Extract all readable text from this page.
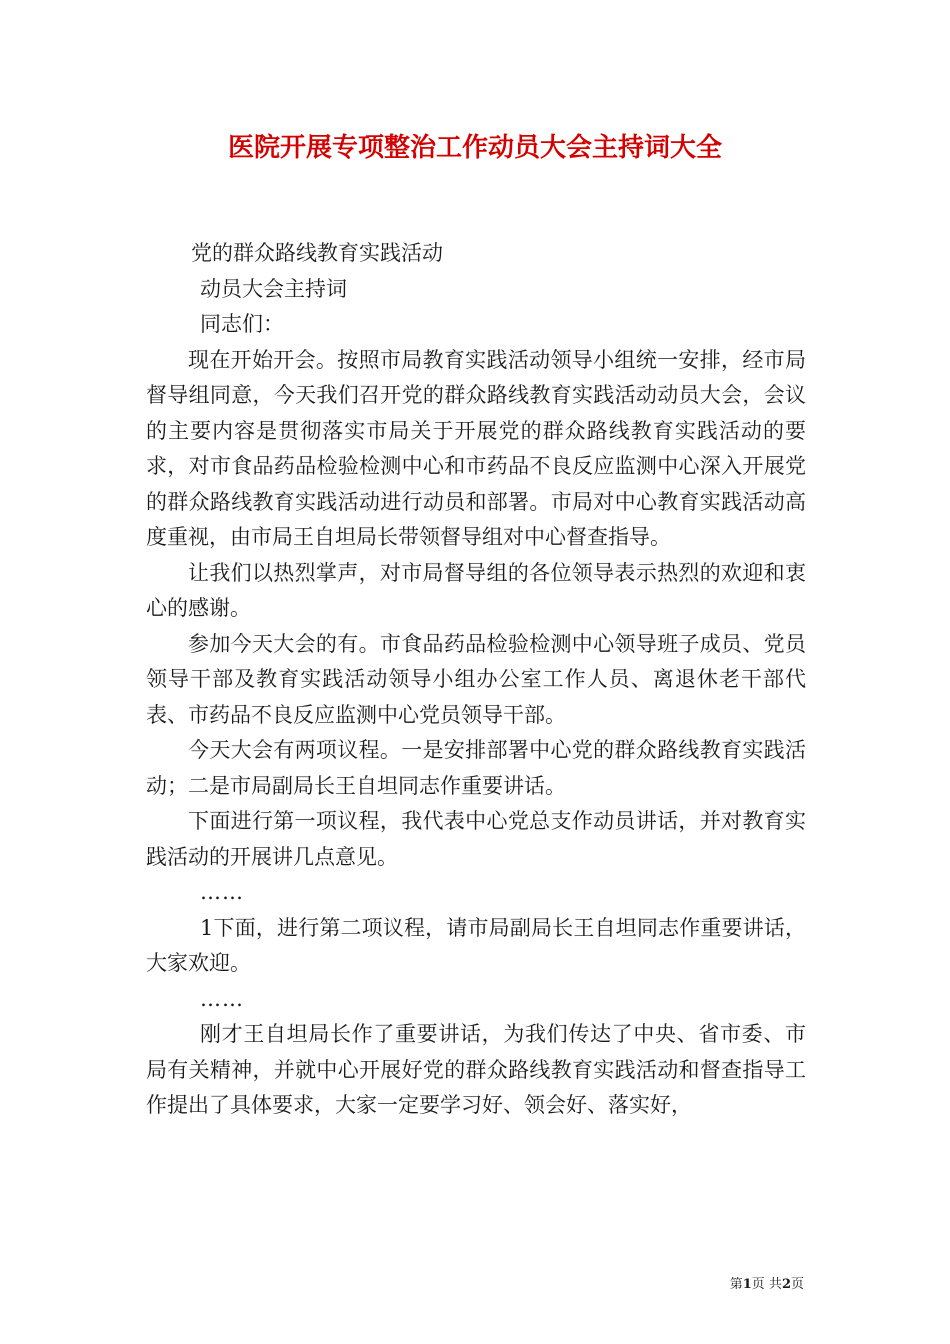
医院开展专项整治工作动员大会主持词大全

党的群众路线教育实践活动

动员大会主持词

同志们：

现在开始开会。按照市局教育实践活动领导小组统一安排，经市局督导组同意，今天我们召开党的群众路线教育实践活动动员大会，会议的主要内容是贯彻落实市局关于开展党的群众路线教育实践活动的要求，对市食品药品检验检测中心和市药品不良反应监测中心深入开展党的群众路线教育实践活动进行动员和部署。市局对中心教育实践活动高度重视，由市局王自坦局长带领督导组对中心督查指导。

让我们以热烈掌声，对市局督导组的各位领导表示热烈的欢迎和衷心的感谢。

参加今天大会的有。市食品药品检验检测中心领导班子成员、党员领导干部及教育实践活动领导小组办公室工作人员、离退休老干部代表、市药品不良反应监测中心党员领导干部。

今天大会有两项议程。一是安排部署中心党的群众路线教育实践活动；二是市局副局长王自坦同志作重要讲话。

下面进行第一项议程，我代表中心党总支作动员讲话，并对教育实践活动的开展讲几点意见。

……

1下面，进行第二项议程，请市局副局长王自坦同志作重要讲话，大家欢迎。

……

刚才王自坦局长作了重要讲话，为我们传达了中央、省市委、市局有关精神，并就中心开展好党的群众路线教育实践活动和督查指导工作提出了具体要求，大家一定要学习好、领会好、落实好，

第1页 共2页
